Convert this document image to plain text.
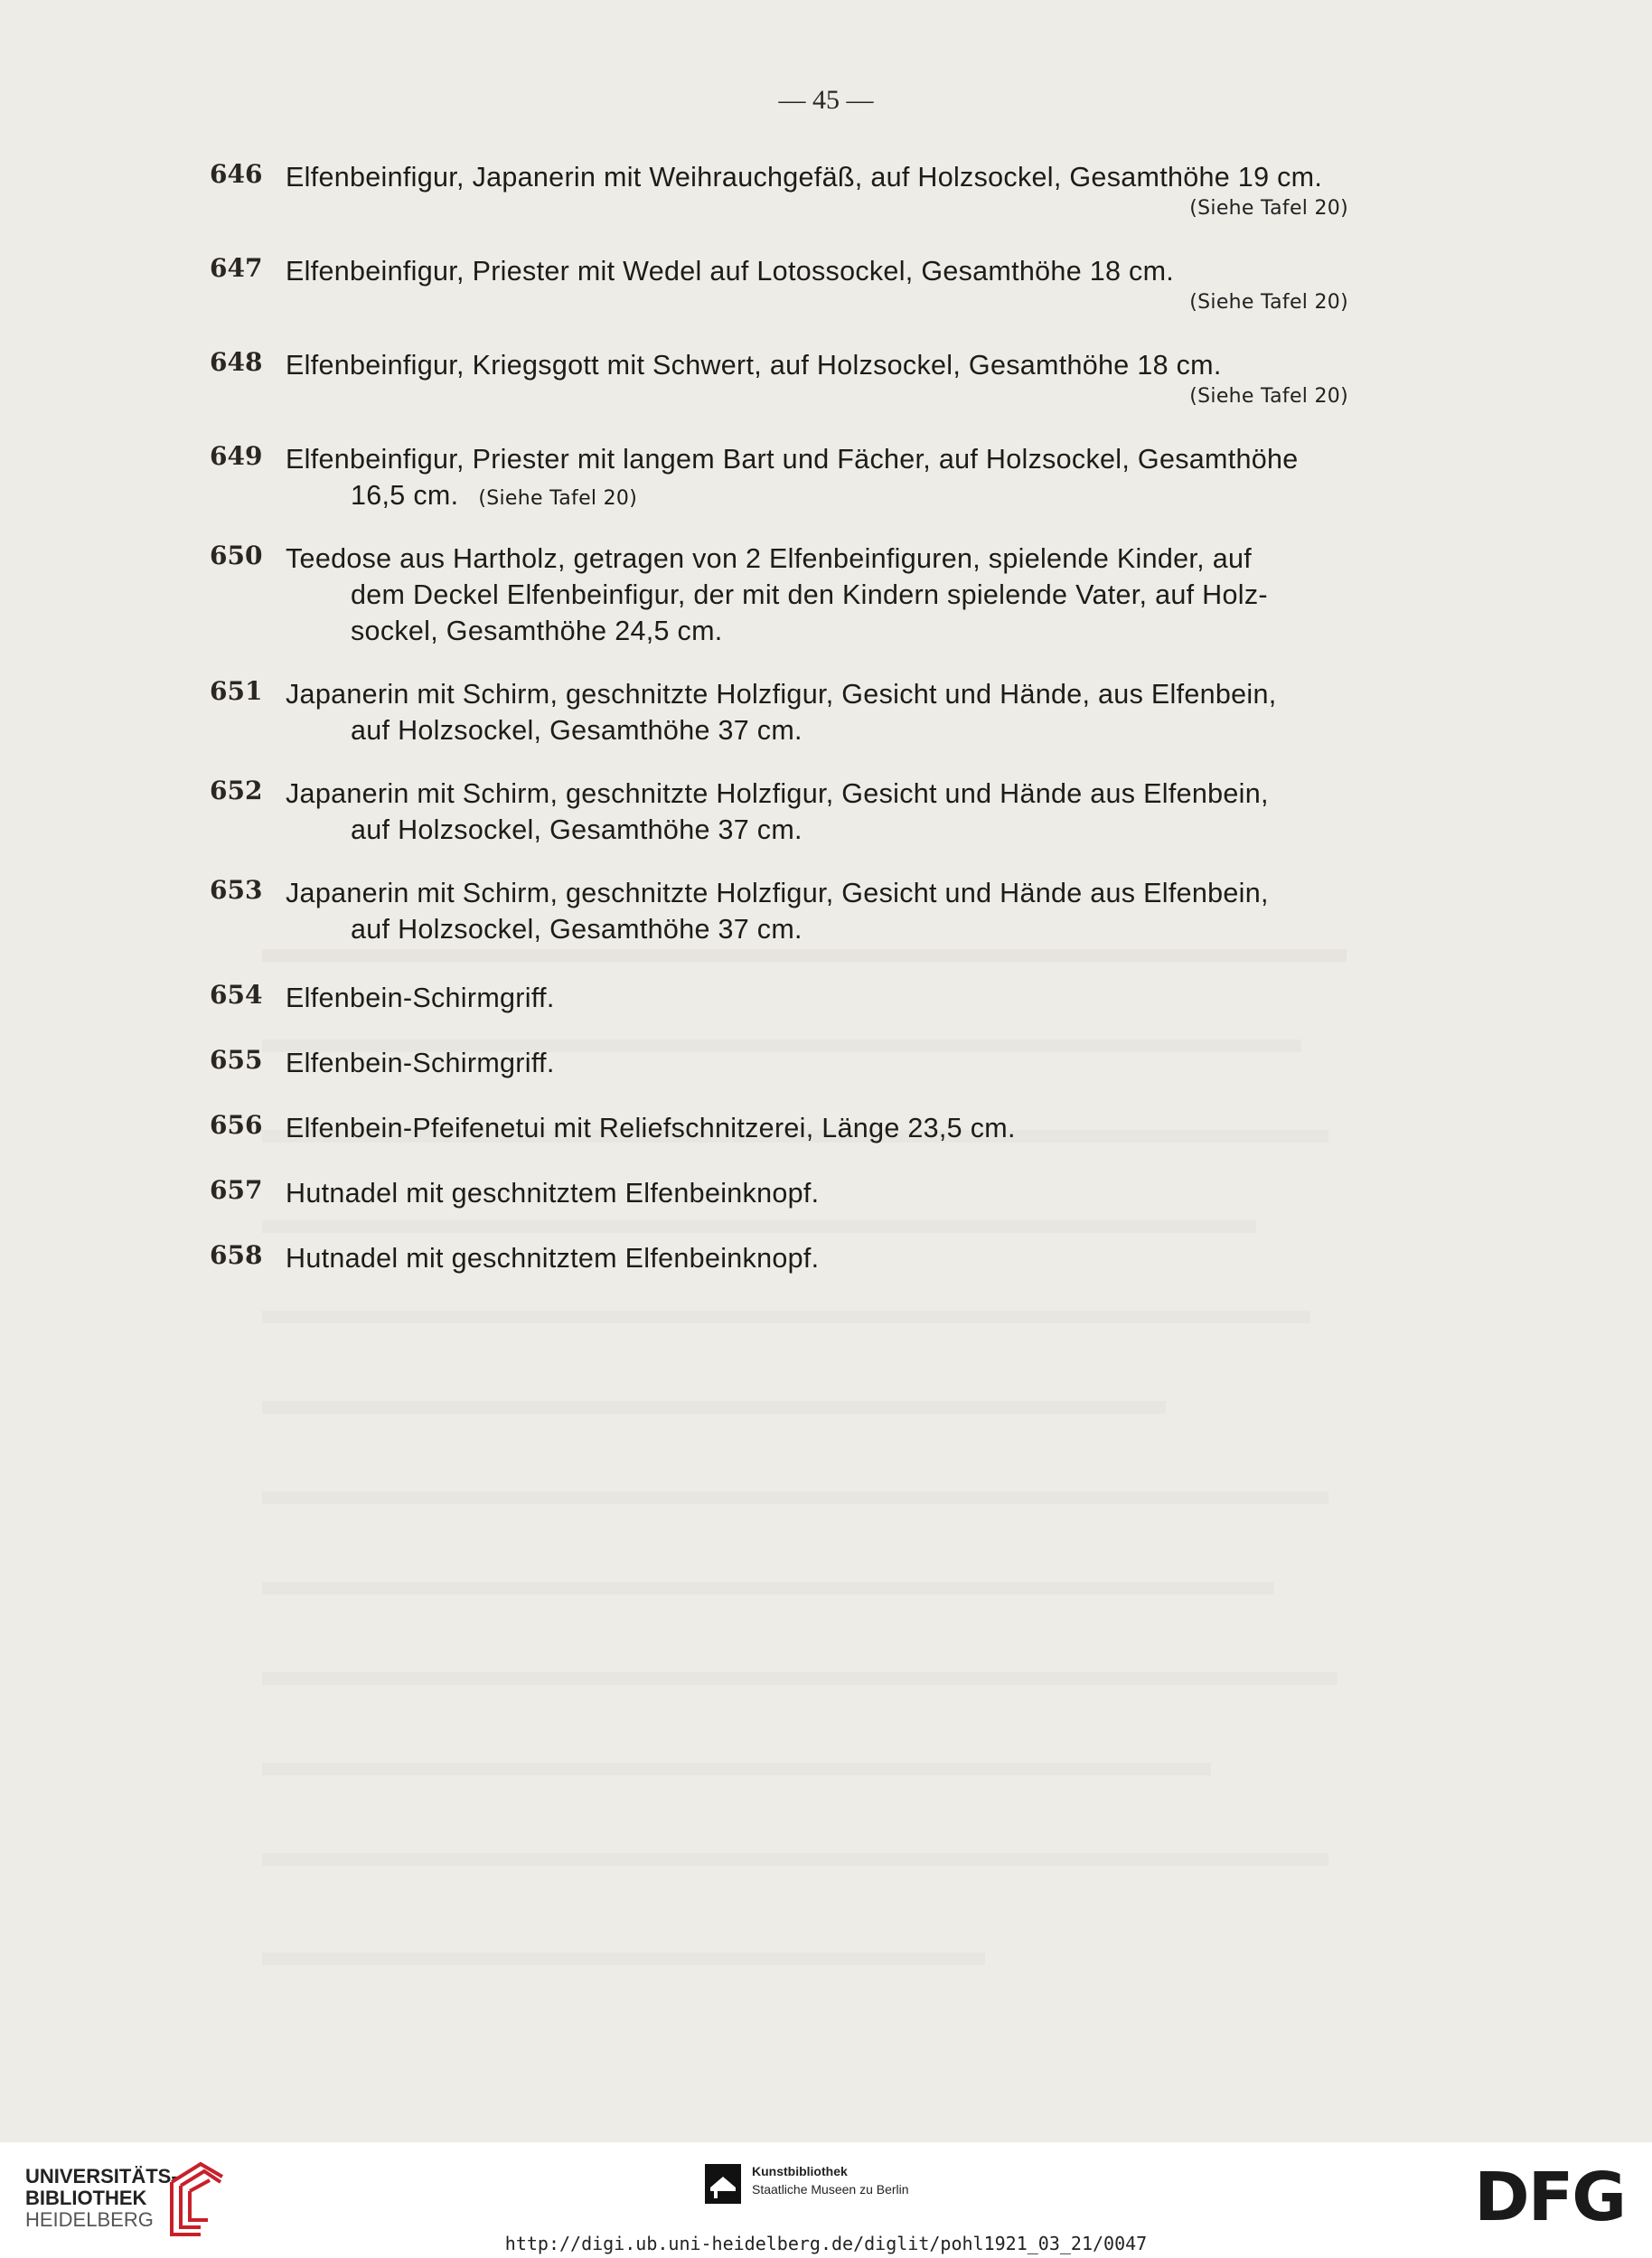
— 45 —
646 Elfenbeinfigur, Japanerin mit Weihrauchgefäß, auf Holzsockel, Gesamthöhe 19 cm.
(Siehe Tafel 20)
647 Elfenbeinfigur, Priester mit Wedel auf Lotossockel, Gesamthöhe 18 cm.
(Siehe Tafel 20)
648 Elfenbeinfigur, Kriegsgott mit Schwert, auf Holzsockel, Gesamthöhe 18 cm.
(Siehe Tafel 20)
649 Elfenbeinfigur, Priester mit langem Bart und Fächer, auf Holzsockel, Gesamthöhe
16,5 cm. (Siehe Tafel 20)
650 Teedose aus Hartholz, getragen von 2 Elfenbeinfiguren, spielende Kinder, auf
dem Deckel Elfenbeinfigur, der mit den Kindern spielende Vater, auf Holz-
sockel, Gesamthöhe 24,5 cm.
651 Japanerin mit Schirm, geschnitzte Holzfigur, Gesicht und Hände, aus Elfenbein,
auf Holzsockel, Gesamthöhe 37 cm.
652 Japanerin mit Schirm, geschnitzte Holzfigur, Gesicht und Hände aus Elfenbein,
auf Holzsockel, Gesamthöhe 37 cm.
653 Japanerin mit Schirm, geschnitzte Holzfigur, Gesicht und Hände aus Elfenbein,
auf Holzsockel, Gesamthöhe 37 cm.
654 Elfenbein-Schirmgriff.
655 Elfenbein-Schirmgriff.
656 Elfenbein-Pfeifenetui mit Reliefschnitzerei, Länge 23,5 cm.
657 Hutnadel mit geschnitztem Elfenbeinknopf.
658 Hutnadel mit geschnitztem Elfenbeinknopf.
UNIVERSITÄTS-
BIBLIOTHEK
HEIDELBERG
Kunstbibliothek
Staatliche Museen zu Berlin	DFG
http://digi.ub.uni-heidelberg.de/diglit/pohl1921_03_21/0047
